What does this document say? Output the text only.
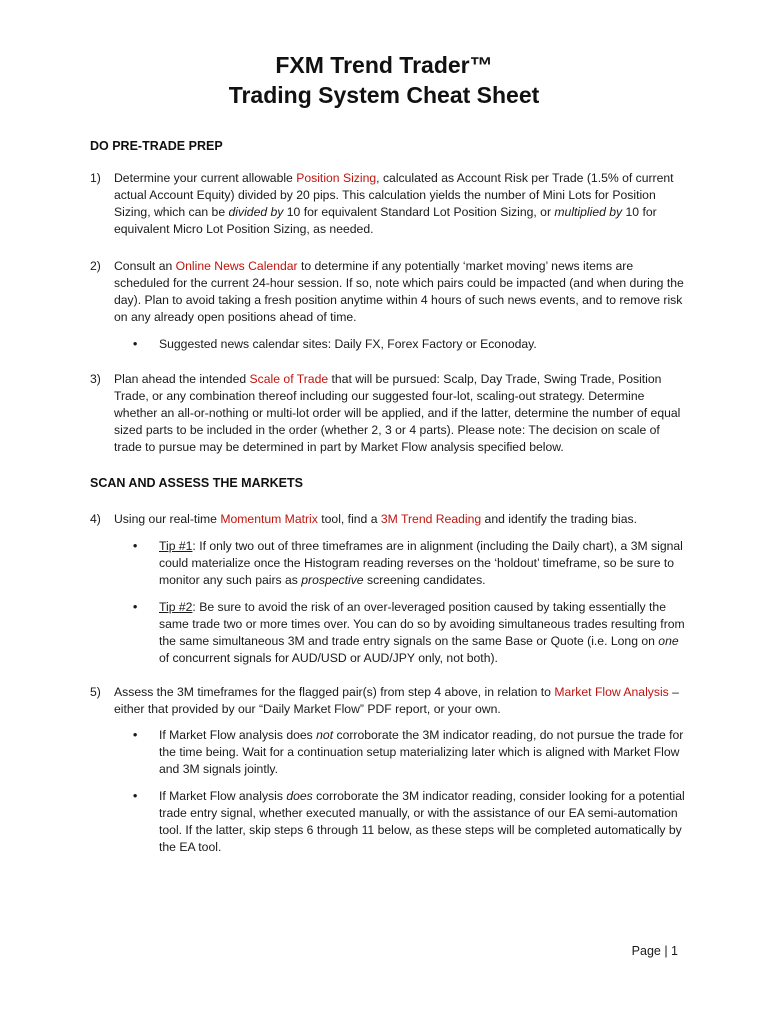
FXM Trend Trader™
Trading System Cheat Sheet
DO PRE-TRADE PREP
1) Determine your current allowable Position Sizing, calculated as Account Risk per Trade (1.5% of current actual Account Equity) divided by 20 pips. This calculation yields the number of Mini Lots for Position Sizing, which can be divided by 10 for equivalent Standard Lot Position Sizing, or multiplied by 10 for equivalent Micro Lot Position Sizing, as needed.
2) Consult an Online News Calendar to determine if any potentially ‘market moving’ news items are scheduled for the current 24-hour session. If so, note which pairs could be impacted (and when during the day). Plan to avoid taking a fresh position anytime within 4 hours of such news events, and to remove risk on any already open positions ahead of time.
• Suggested news calendar sites: Daily FX, Forex Factory or Econoday.
3) Plan ahead the intended Scale of Trade that will be pursued: Scalp, Day Trade, Swing Trade, Position Trade, or any combination thereof including our suggested four-lot, scaling-out strategy. Determine whether an all-or-nothing or multi-lot order will be applied, and if the latter, determine the number of equal sized parts to be included in the order (whether 2, 3 or 4 parts). Please note: The decision on scale of trade to pursue may be determined in part by Market Flow analysis specified below.
SCAN AND ASSESS THE MARKETS
4) Using our real-time Momentum Matrix tool, find a 3M Trend Reading and identify the trading bias.
• Tip #1: If only two out of three timeframes are in alignment (including the Daily chart), a 3M signal could materialize once the Histogram reading reverses on the ‘holdout’ timeframe, so be sure to monitor any such pairs as prospective screening candidates.
• Tip #2: Be sure to avoid the risk of an over-leveraged position caused by taking essentially the same trade two or more times over. You can do so by avoiding simultaneous trades resulting from the same simultaneous 3M and trade entry signals on the same Base or Quote (i.e. Long on one of concurrent signals for AUD/USD or AUD/JPY only, not both).
5) Assess the 3M timeframes for the flagged pair(s) from step 4 above, in relation to Market Flow Analysis – either that provided by our “Daily Market Flow” PDF report, or your own.
• If Market Flow analysis does not corroborate the 3M indicator reading, do not pursue the trade for the time being. Wait for a continuation setup materializing later which is aligned with Market Flow and 3M signals jointly.
• If Market Flow analysis does corroborate the 3M indicator reading, consider looking for a potential trade entry signal, whether executed manually, or with the assistance of our EA semi-automation tool. If the latter, skip steps 6 through 11 below, as these steps will be completed automatically by the EA tool.
Page | 1
